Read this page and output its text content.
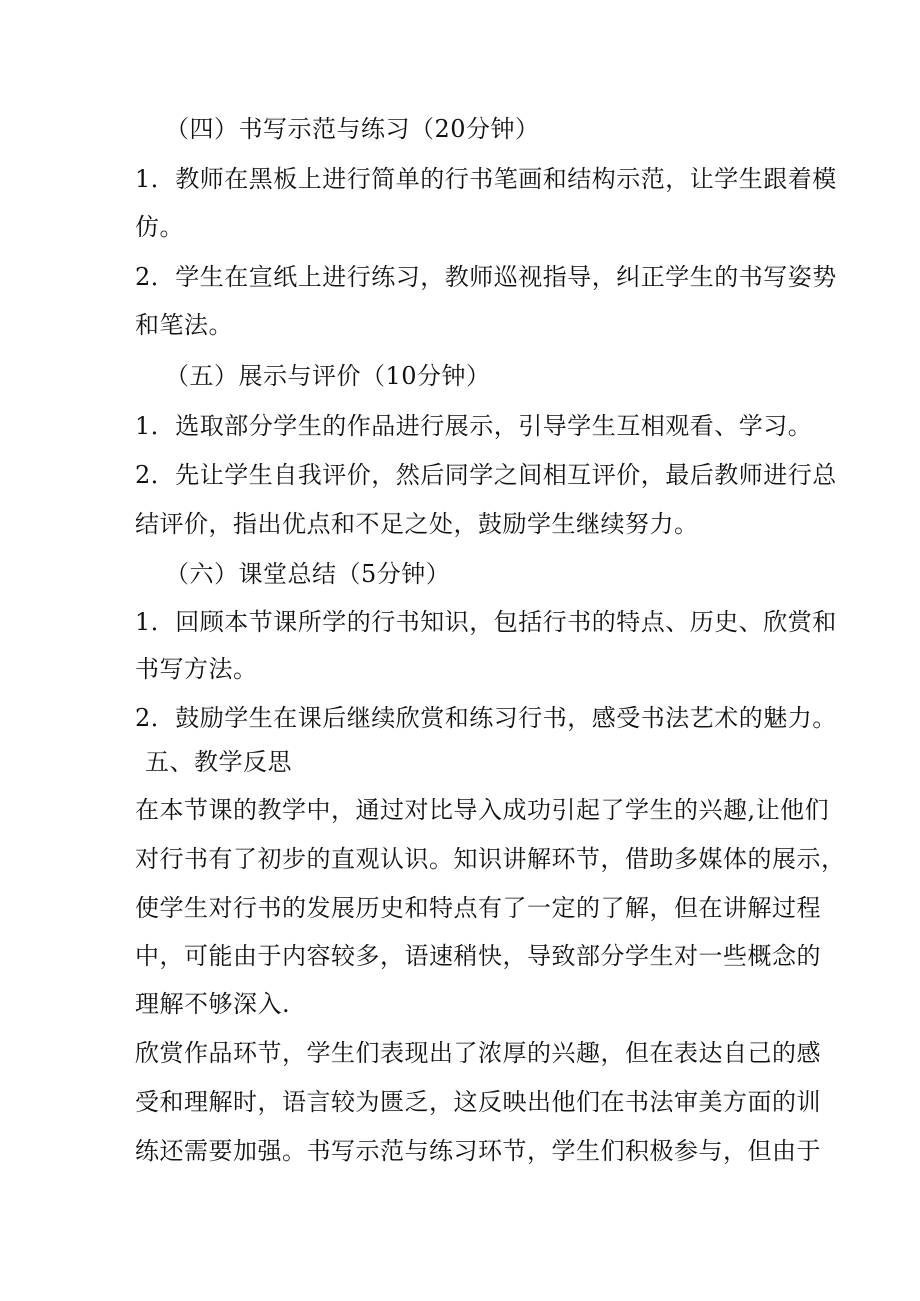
（四）书写示范与练习（20分钟）
1．教师在黑板上进行简单的行书笔画和结构示范，让学生跟着模
仿。
2．学生在宣纸上进行练习，教师巡视指导，纠正学生的书写姿势
和笔法。
（五）展示与评价（10分钟）
1．选取部分学生的作品进行展示，引导学生互相观看、学习。
2．先让学生自我评价，然后同学之间相互评价，最后教师进行总
结评价，指出优点和不足之处，鼓励学生继续努力。
（六）课堂总结（5分钟）
1．回顾本节课所学的行书知识，包括行书的特点、历史、欣赏和
书写方法。
2．鼓励学生在课后继续欣赏和练习行书，感受书法艺术的魅力。
五、教学反思
在本节课的教学中，通过对比导入成功引起了学生的兴趣,让他们
对行书有了初步的直观认识。知识讲解环节，借助多媒体的展示，
使学生对行书的发展历史和特点有了一定的了解，但在讲解过程
中，可能由于内容较多，语速稍快，导致部分学生对一些概念的
理解不够深入.
欣赏作品环节，学生们表现出了浓厚的兴趣，但在表达自己的感
受和理解时，语言较为匮乏，这反映出他们在书法审美方面的训
练还需要加强。书写示范与练习环节，学生们积极参与，但由于
